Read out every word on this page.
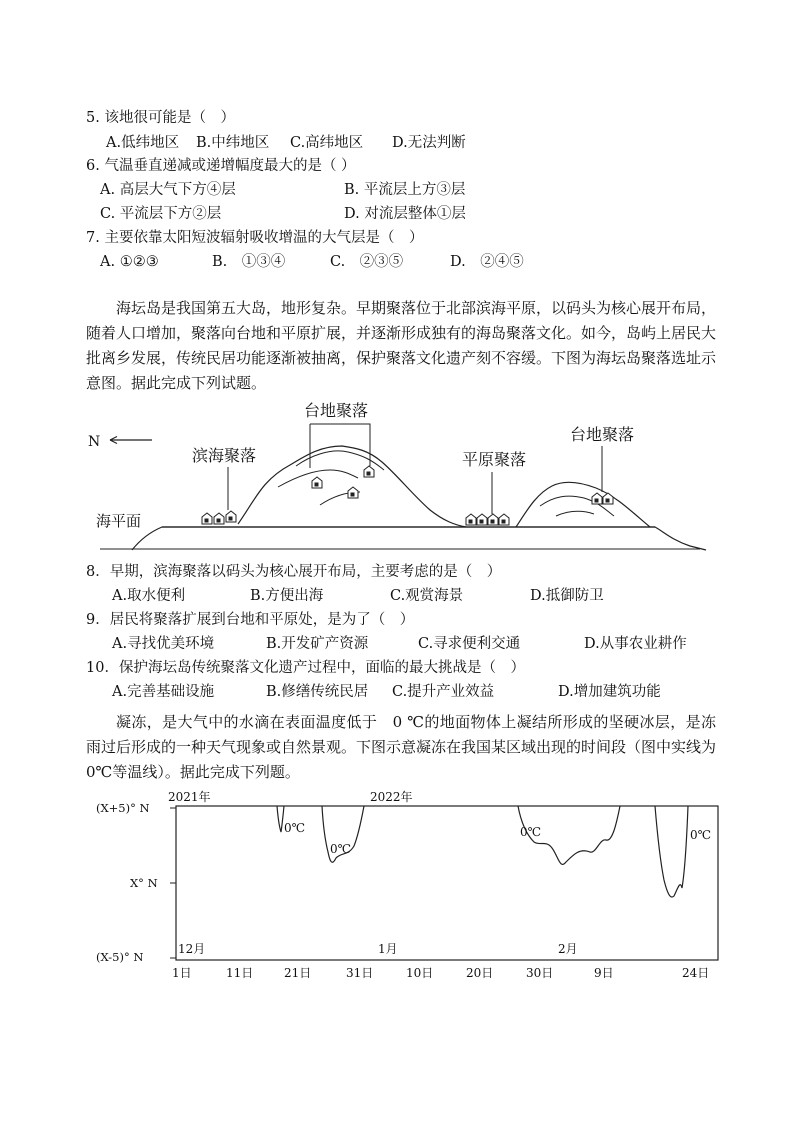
5. 该地很可能是（　）
A.低纬地区 B.中纬地区 C.高纬地区 D.无法判断
6. 气温垂直递减或递增幅度最大的是（ ）
A. 高层大气下方④层	B. 平流层上方③层
C. 平流层下方②层	D. 对流层整体①层
7. 主要依靠太阳短波辐射吸收增温的大气层是（　）
A. ①②③	B.　①③④	C.　②③⑤	D.　②④⑤
海坛岛是我国第五大岛，地形复杂。早期聚落位于北部滨海平原，以码头为核心展开布局，随着人口增加，聚落向台地和平原扩展，并逐渐形成独有的海岛聚落文化。如今，岛屿上居民大批离乡发展，传统民居功能逐渐被抽离，保护聚落文化遗产刻不容缓。下图为海坛岛聚落选址示意图。据此完成下列试题。
N
海平面
滨海聚落
台地聚落
平原聚落
台地聚落
8．早期，滨海聚落以码头为核心展开布局，主要考虑的是（　）
A.取水便利	B.方便出海	C.观赏海景	D.抵御防卫
9．居民将聚落扩展到台地和平原处，是为了（　）
A.寻找优美环境	B.开发矿产资源	C.寻求便利交通	D.从事农业耕作
10．保护海坛岛传统聚落文化遗产过程中，面临的最大挑战是（　）
A.完善基础设施	B.修缮传统民居 C.提升产业效益	D.增加建筑功能
凝冻，是大气中的水滴在表面温度低于　0 ℃的地面物体上凝结所形成的坚硬冰层，是冻雨过后形成的一种天气现象或自然景观。下图示意凝冻在我国某区域出现的时间段（图中实线为 0℃等温线）。据此完成下列题。
2021年	2022年
(X+5)° N
X° N
(X-5)° N
12月	1月	2月
1日	11日	21日	31日	10日	20日	30日	9日	24日
0℃
0℃
0℃	0℃
